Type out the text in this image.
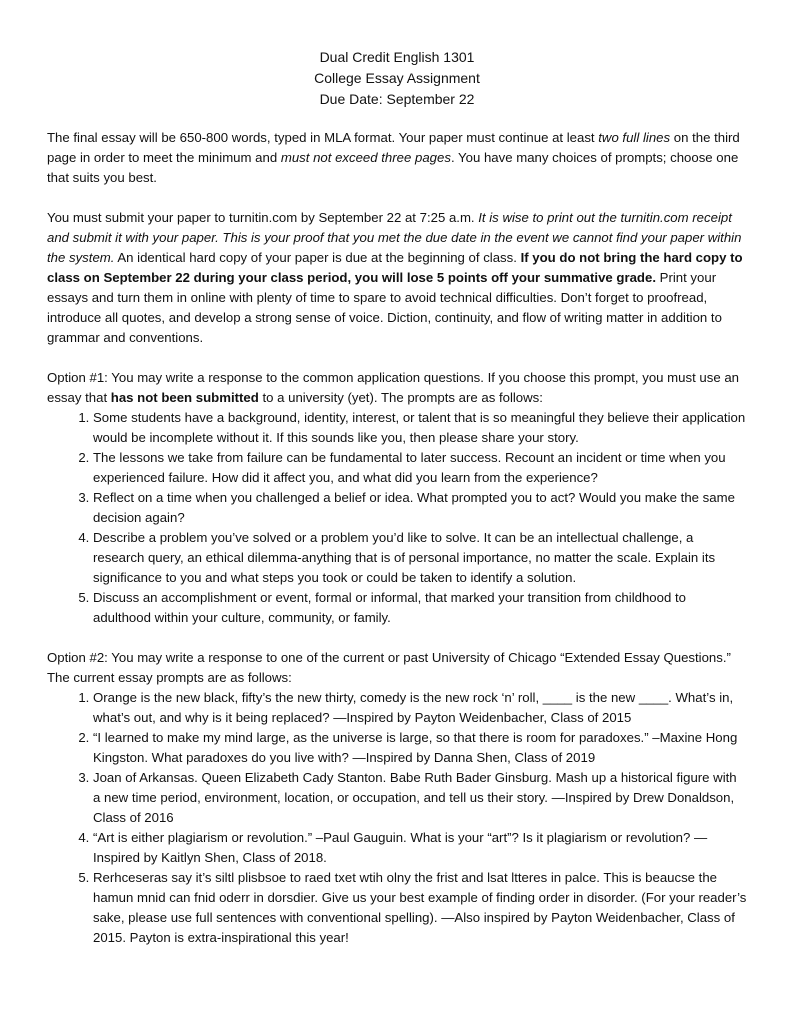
Dual Credit English 1301
College Essay Assignment
Due Date: September 22

The final essay will be 650-800 words, typed in MLA format. Your paper must continue at least two full lines on the third page in order to meet the minimum and must not exceed three pages. You have many choices of prompts; choose one that suits you best.

You must submit your paper to turnitin.com by September 22 at 7:25 a.m. It is wise to print out the turnitin.com receipt and submit it with your paper. This is your proof that you met the due date in the event we cannot find your paper within the system. An identical hard copy of your paper is due at the beginning of class. If you do not bring the hard copy to class on September 22 during your class period, you will lose 5 points off your summative grade. Print your essays and turn them in online with plenty of time to spare to avoid technical difficulties. Don’t forget to proofread, introduce all quotes, and develop a strong sense of voice. Diction, continuity, and flow of writing matter in addition to grammar and conventions.

Option #1: You may write a response to the common application questions. If you choose this prompt, you must use an essay that has not been submitted to a university (yet). The prompts are as follows:

1. Some students have a background, identity, interest, or talent that is so meaningful they believe their application would be incomplete without it. If this sounds like you, then please share your story.
2. The lessons we take from failure can be fundamental to later success. Recount an incident or time when you experienced failure. How did it affect you, and what did you learn from the experience?
3. Reflect on a time when you challenged a belief or idea. What prompted you to act? Would you make the same decision again?
4. Describe a problem you’ve solved or a problem you’d like to solve. It can be an intellectual challenge, a research query, an ethical dilemma-anything that is of personal importance, no matter the scale. Explain its significance to you and what steps you took or could be taken to identify a solution.
5. Discuss an accomplishment or event, formal or informal, that marked your transition from childhood to adulthood within your culture, community, or family.

Option #2: You may write a response to one of the current or past University of Chicago “Extended Essay Questions.” The current essay prompts are as follows:

1. Orange is the new black, fifty’s the new thirty, comedy is the new rock ‘n’ roll, ____ is the new ____. What’s in, what’s out, and why is it being replaced? —Inspired by Payton Weidenbacher, Class of 2015
2. “I learned to make my mind large, as the universe is large, so that there is room for paradoxes.” –Maxine Hong Kingston. What paradoxes do you live with? —Inspired by Danna Shen, Class of 2019
3. Joan of Arkansas. Queen Elizabeth Cady Stanton. Babe Ruth Bader Ginsburg. Mash up a historical figure with a new time period, environment, location, or occupation, and tell us their story. —Inspired by Drew Donaldson, Class of 2016
4. “Art is either plagiarism or revolution.” –Paul Gauguin. What is your “art”? Is it plagiarism or revolution? —Inspired by Kaitlyn Shen, Class of 2018.
5. Rerhceseras say it’s siltl plisbsoe to raed txet wtih olny the frist and lsat ltteres in palce. This is beaucse the hamun mnid can fnid oderr in dorsdier. Give us your best example of finding order in disorder. (For your reader’s sake, please use full sentences with conventional spelling). —Also inspired by Payton Weidenbacher, Class of 2015. Payton is extra-inspirational this year!
